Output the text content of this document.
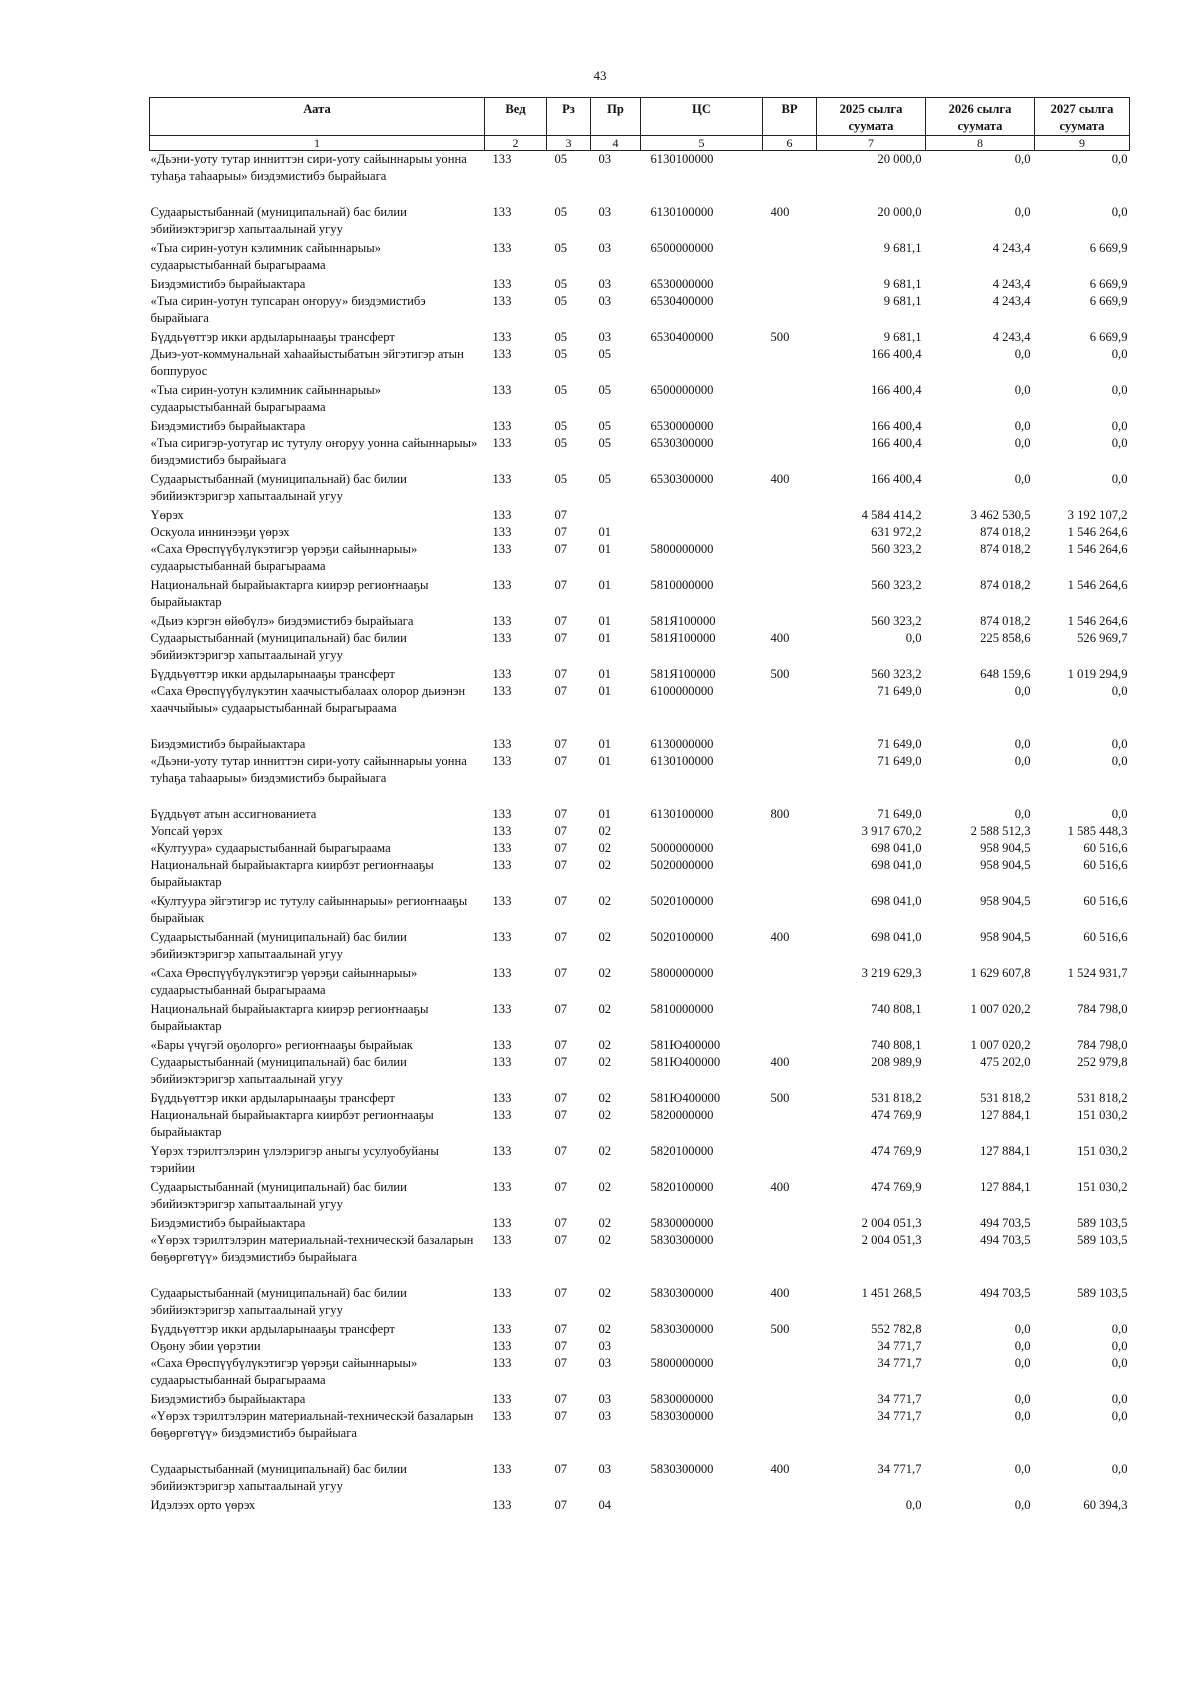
43
Аата	Вед	Рз	Пр	ЦС	ВР	2025 сылга суумата	2026 сылга суумата	2027 сылга суумата
1	2	3	4	5	6	7	8	9
«Дьэни-уоту тутар инниттэн сири-уоту сайыннарыы уонна туһаҕа таһаарыы» биэдэмистибэ бырайыага	133	05	03	6130100000		20 000,0	0,0	0,0
Судаарыстыбаннай (муниципальнай) бас билии эбийиэктэригэр хапытаалынай угуу	133	05	03	6130100000	400	20 000,0	0,0	0,0
«Тыа сирин-уотун кэлимник сайыннарыы» судаарыстыбаннай бырагыраама	133	05	03	6500000000		9 681,1	4 243,4	6 669,9
Биэдэмистибэ бырайыактара	133	05	03	6530000000		9 681,1	4 243,4	6 669,9
«Тыа сирин-уотун тупсаран оҥоруу» биэдэмистибэ бырайыага	133	05	03	6530400000		9 681,1	4 243,4	6 669,9
Бүддьүөттэр икки ардыларынааҕы трансферт	133	05	03	6530400000	500	9 681,1	4 243,4	6 669,9
Дьиэ-уот-коммунальнай хаһаайыстыбатын эйгэтигэр атын боппуруос	133	05	05			166 400,4	0,0	0,0
«Тыа сирин-уотун кэлимник сайыннарыы» судаарыстыбаннай бырагыраама	133	05	05	6500000000		166 400,4	0,0	0,0
Биэдэмистибэ бырайыактара	133	05	05	6530000000		166 400,4	0,0	0,0
«Тыа сиригэр-уотугар ис тутулу оҥоруу уонна сайыннарыы» биэдэмистибэ бырайыага	133	05	05	6530300000		166 400,4	0,0	0,0
Судаарыстыбаннай (муниципальнай) бас билии эбийиэктэригэр хапытаалынай угуу	133	05	05	6530300000	400	166 400,4	0,0	0,0
Үөрэх	133	07				4 584 414,2	3 462 530,5	3 192 107,2
Оскуола иннинээҕи үөрэх	133	07	01			631 972,2	874 018,2	1 546 264,6
«Саха Өрөспүүбүлүкэтигэр үөрэҕи сайыннарыы» судаарыстыбаннай бырагыраама	133	07	01	5800000000		560 323,2	874 018,2	1 546 264,6
Национальнай бырайыактарга киирэр региоҥнааҕы бырайыактар	133	07	01	5810000000		560 323,2	874 018,2	1 546 264,6
«Дьиэ кэргэн өйөбүлэ» биэдэмистибэ бырайыага	133	07	01	581Я100000		560 323,2	874 018,2	1 546 264,6
Судаарыстыбаннай (муниципальнай) бас билии эбийиэктэригэр хапытаалынай угуу	133	07	01	581Я100000	400	0,0	225 858,6	526 969,7
Бүддьүөттэр икки ардыларынааҕы трансферт	133	07	01	581Я100000	500	560 323,2	648 159,6	1 019 294,9
«Саха Өрөспүүбүлүкэтин хаачыстыбалаах олорор дьиэнэн хааччыйыы» судаарыстыбаннай бырагыраама	133	07	01	6100000000		71 649,0	0,0	0,0
Биэдэмистибэ бырайыактара	133	07	01	6130000000		71 649,0	0,0	0,0
«Дьэни-уоту тутар инниттэн сири-уоту сайыннарыы уонна туһаҕа таһаарыы» биэдэмистибэ бырайыага	133	07	01	6130100000		71 649,0	0,0	0,0
Бүддьүөт атын ассигнованиета	133	07	01	6130100000	800	71 649,0	0,0	0,0
Уопсай үөрэх	133	07	02			3 917 670,2	2 588 512,3	1 585 448,3
«Култуура» судаарыстыбаннай бырагыраама	133	07	02	5000000000		698 041,0	958 904,5	60 516,6
Национальнай бырайыактарга киирбэт региоҥнааҕы бырайыактар	133	07	02	5020000000		698 041,0	958 904,5	60 516,6
«Култуура эйгэтигэр ис тутулу сайыннарыы» региоҥнааҕы бырайыак	133	07	02	5020100000		698 041,0	958 904,5	60 516,6
Судаарыстыбаннай (муниципальнай) бас билии эбийиэктэригэр хапытаалынай угуу	133	07	02	5020100000	400	698 041,0	958 904,5	60 516,6
«Саха Өрөспүүбүлүкэтигэр үөрэҕи сайыннарыы» судаарыстыбаннай бырагыраама	133	07	02	5800000000		3 219 629,3	1 629 607,8	1 524 931,7
Национальнай бырайыактарга киирэр региоҥнааҕы бырайыактар	133	07	02	5810000000		740 808,1	1 007 020,2	784 798,0
«Бары үчүгэй оҕолорго» региоҥнааҕы бырайыак	133	07	02	581Ю400000		740 808,1	1 007 020,2	784 798,0
Судаарыстыбаннай (муниципальнай) бас билии эбийиэктэригэр хапытаалынай угуу	133	07	02	581Ю400000	400	208 989,9	475 202,0	252 979,8
Бүддьүөттэр икки ардыларынааҕы трансферт	133	07	02	581Ю400000	500	531 818,2	531 818,2	531 818,2
Национальнай бырайыактарга киирбэт региоҥнааҕы бырайыактар	133	07	02	5820000000		474 769,9	127 884,1	151 030,2
Үөрэх тэрилтэлэрин үлэлэригэр аныгы усулуобуйаны тэрийии	133	07	02	5820100000		474 769,9	127 884,1	151 030,2
Судаарыстыбаннай (муниципальнай) бас билии эбийиэктэригэр хапытаалынай угуу	133	07	02	5820100000	400	474 769,9	127 884,1	151 030,2
Биэдэмистибэ бырайыактара	133	07	02	5830000000		2 004 051,3	494 703,5	589 103,5
«Үөрэх тэрилтэлэрин материальнай-техническэй базаларын бөҕөргөтүү» биэдэмистибэ бырайыага	133	07	02	5830300000		2 004 051,3	494 703,5	589 103,5
Судаарыстыбаннай (муниципальнай) бас билии эбийиэктэригэр хапытаалынай угуу	133	07	02	5830300000	400	1 451 268,5	494 703,5	589 103,5
Бүддьүөттэр икки ардыларынааҕы трансферт	133	07	02	5830300000	500	552 782,8	0,0	0,0
Оҕону эбии үөрэтии	133	07	03			34 771,7	0,0	0,0
«Саха Өрөспүүбүлүкэтигэр үөрэҕи сайыннарыы» судаарыстыбаннай бырагыраама	133	07	03	5800000000		34 771,7	0,0	0,0
Биэдэмистибэ бырайыактара	133	07	03	5830000000		34 771,7	0,0	0,0
«Үөрэх тэрилтэлэрин материальнай-техническэй базаларын бөҕөргөтүү» биэдэмистибэ бырайыага	133	07	03	5830300000		34 771,7	0,0	0,0
Судаарыстыбаннай (муниципальнай) бас билии эбийиэктэригэр хапытаалынай угуу	133	07	03	5830300000	400	34 771,7	0,0	0,0
Идэлээх орто үөрэх	133	07	04			0,0	0,0	60 394,3
